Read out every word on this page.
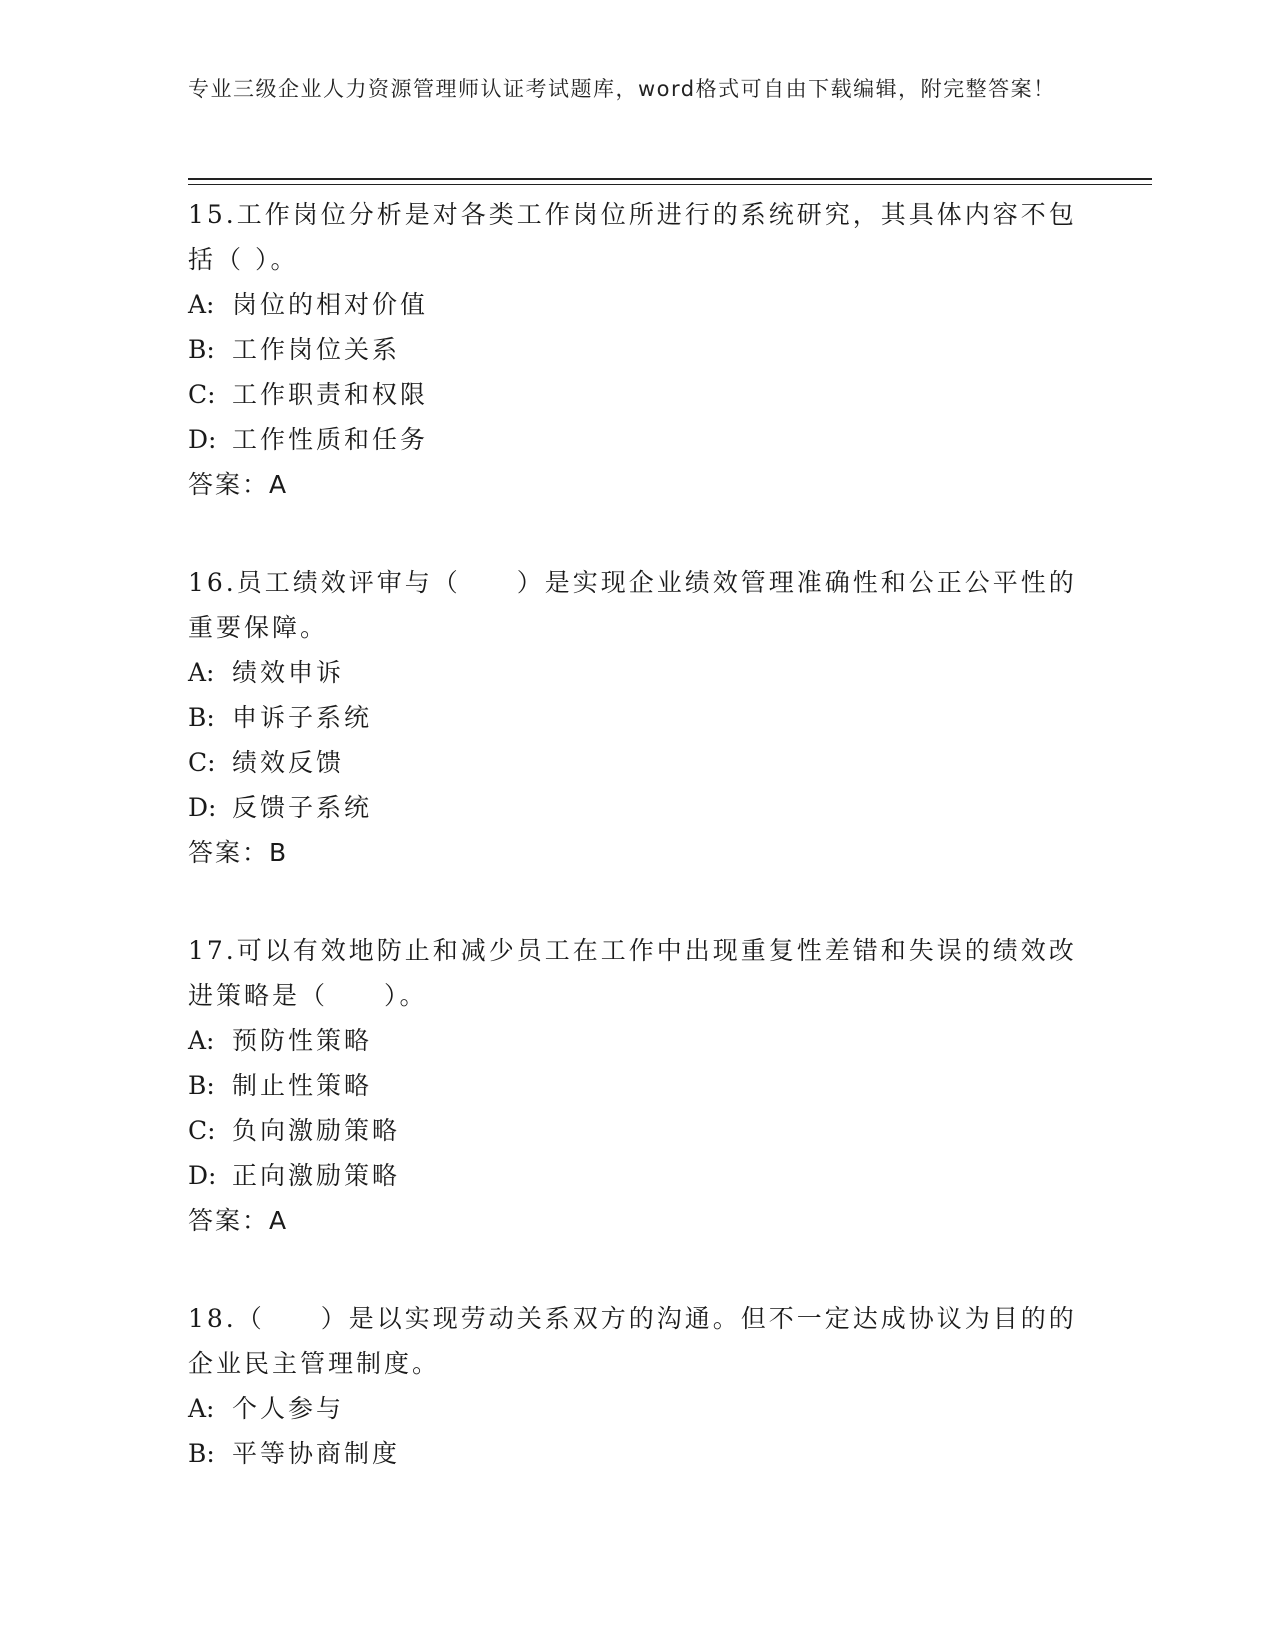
专业三级企业人力资源管理师认证考试题库，word格式可自由下载编辑，附完整答案！

15.工作岗位分析是对各类工作岗位所进行的系统研究，其具体内容不包括（ ）。

A: 岗位的相对价值

B: 工作岗位关系

C: 工作职责和权限

D: 工作性质和任务

答案：A

16.员工绩效评审与（　　）是实现企业绩效管理准确性和公正公平性的重要保障。

A: 绩效申诉

B: 申诉子系统

C: 绩效反馈

D: 反馈子系统

答案：B

17.可以有效地防止和减少员工在工作中出现重复性差错和失误的绩效改进策略是（　　）。

A: 预防性策略

B: 制止性策略

C: 负向激励策略

D: 正向激励策略

答案：A

18.（　　）是以实现劳动关系双方的沟通。但不一定达成协议为目的的企业民主管理制度。

A: 个人参与

B: 平等协商制度
